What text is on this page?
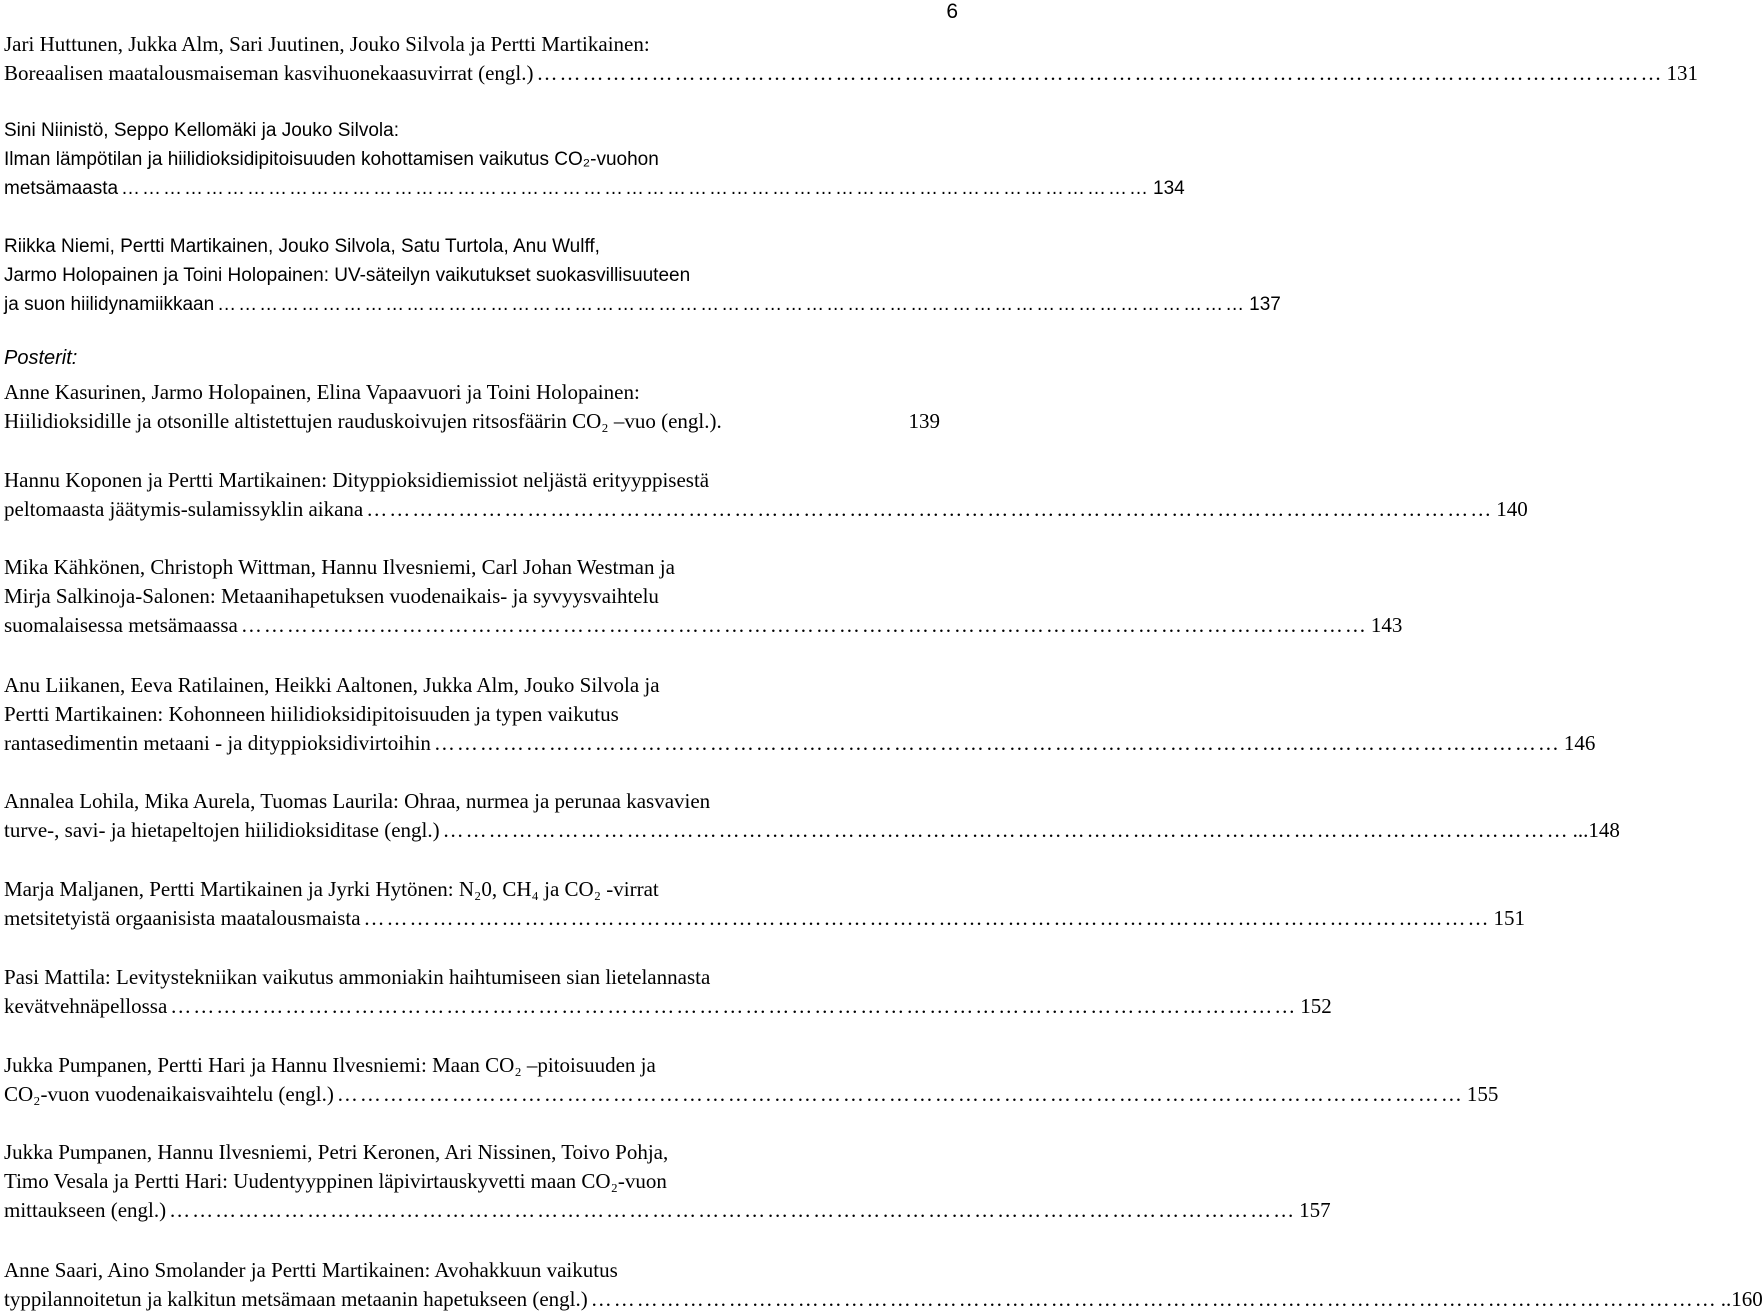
6
Jari Huttunen, Jukka Alm, Sari Juutinen, Jouko Silvola ja Pertti Martikainen:
Boreaalisen maatalousmaiseman kasvihuonekaasuvirrat (engl.) ………………………………………………………………………………………………………………………………… 131
Sini Niinistö, Seppo Kellomäki ja Jouko Silvola:
Ilman lämpötilan ja hiilidioksidipitoisuuden kohottamisen vaikutus CO₂-vuohon
metsämaasta ………………………………………………………………………………………………………………………………… 134
Riikka Niemi, Pertti Martikainen, Jouko Silvola, Satu Turtola, Anu Wulff,
Jarmo Holopainen ja Toini Holopainen: UV-säteilyn vaikutukset suokasvillisuuteen
ja suon hiilidynamiikkaan ………………………………………………………………………………………………………………………………… 137
Posterit:
Anne Kasurinen, Jarmo Holopainen, Elina Vapaavuori ja Toini Holopainen:
Hiilidioksidille ja otsonille altistettujen rauduskoivujen ritsosfäärin CO₂ –vuo (engl.).	139
Hannu Koponen ja Pertti Martikainen: Dityppioksidiemissiot neljästä erityyppisestä
peltomaasta jäätymis-sulamissyklin aikana ………………………………………………………………………………………………………………………………… 140
Mika Kähkönen, Christoph Wittman, Hannu Ilvesniemi, Carl Johan Westman ja
Mirja Salkinoja-Salonen: Metaanihapetuksen vuodenaikais- ja syvyysvaihtelu
suomalaisessa metsämaassa ………………………………………………………………………………………………………………………………… 143
Anu Liikanen, Eeva Ratilainen, Heikki Aaltonen, Jukka Alm, Jouko Silvola ja
Pertti Martikainen: Kohonneen hiilidioksidipitoisuuden ja typen vaikutus
rantasedimentin metaani - ja dityppioksidivirtoihin ………………………………………………………………………………………………………………………………… 146
Annalea Lohila, Mika Aurela, Tuomas Laurila: Ohraa, nurmea ja perunaa kasvavien
turve-, savi- ja hietapeltojen hiilidioksiditase (engl.) ………………………………………………………………………………………………………………………………… ...148
Marja Maljanen, Pertti Martikainen ja Jyrki Hytönen: N₂0, CH₄ ja CO₂ -virrat
metsitetyistä orgaanisista maatalousmaista ………………………………………………………………………………………………………………………………… 151
Pasi Mattila: Levitystekniikan vaikutus ammoniakin haihtumiseen sian lietelannasta
kevätvehnäpellossa ………………………………………………………………………………………………………………………………… 152
Jukka Pumpanen, Pertti Hari ja Hannu Ilvesniemi: Maan CO₂ –pitoisuuden ja
CO₂-vuon vuodenaikaisvaihtelu (engl.) ………………………………………………………………………………………………………………………………… 155
Jukka Pumpanen, Hannu Ilvesniemi, Petri Keronen, Ari Nissinen, Toivo Pohja,
Timo Vesala ja Pertti Hari: Uudentyyppinen läpivirtauskyvetti maan CO₂-vuon
mittaukseen (engl.) ………………………………………………………………………………………………………………………………… 157
Anne Saari, Aino Smolander ja Pertti Martikainen: Avohakkuun vaikutus
typpilannoitetun ja kalkitun metsämaan metaanin hapetukseen (engl.) ………………………………………………………………………………………………………………………………… ..160
